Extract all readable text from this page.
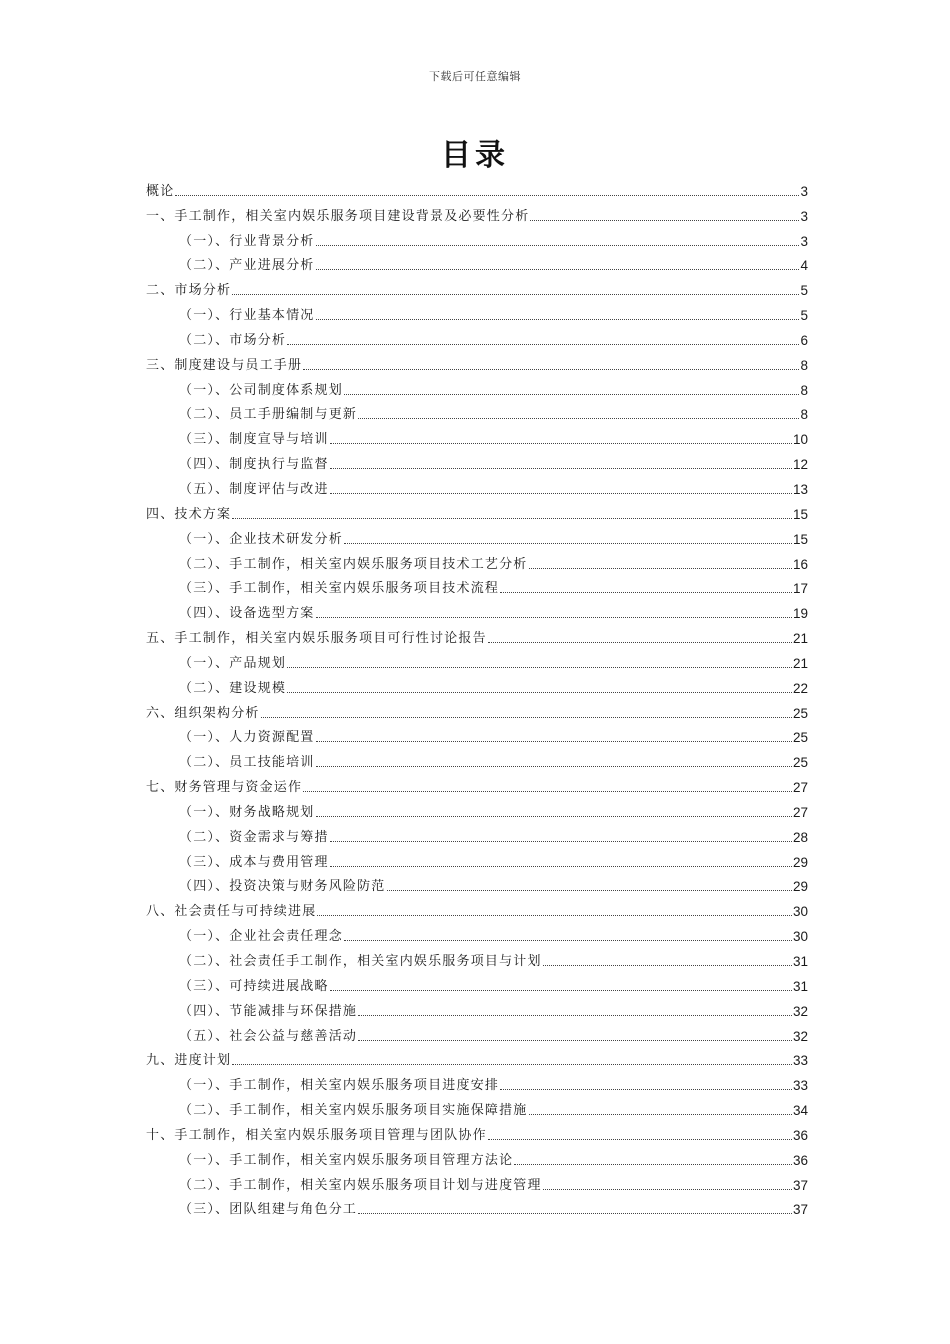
下载后可任意编辑
目录
概论	3
一、手工制作，相关室内娱乐服务项目建设背景及必要性分析	3
（一）、行业背景分析	3
（二）、产业进展分析	4
二、市场分析	5
（一）、行业基本情况	5
（二）、市场分析	6
三、制度建设与员工手册	8
（一）、公司制度体系规划	8
（二）、员工手册编制与更新	8
（三）、制度宣导与培训	10
（四）、制度执行与监督	12
（五）、制度评估与改进	13
四、技术方案	15
（一）、企业技术研发分析	15
（二）、手工制作，相关室内娱乐服务项目技术工艺分析	16
（三）、手工制作，相关室内娱乐服务项目技术流程	17
（四）、设备选型方案	19
五、手工制作，相关室内娱乐服务项目可行性讨论报告	21
（一）、产品规划	21
（二）、建设规模	22
六、组织架构分析	25
（一）、人力资源配置	25
（二）、员工技能培训	25
七、财务管理与资金运作	27
（一）、财务战略规划	27
（二）、资金需求与筹措	28
（三）、成本与费用管理	29
（四）、投资决策与财务风险防范	29
八、社会责任与可持续进展	30
（一）、企业社会责任理念	30
（二）、社会责任手工制作，相关室内娱乐服务项目与计划	31
（三）、可持续进展战略	31
（四）、节能减排与环保措施	32
（五）、社会公益与慈善活动	32
九、进度计划	33
（一）、手工制作，相关室内娱乐服务项目进度安排	33
（二）、手工制作，相关室内娱乐服务项目实施保障措施	34
十、手工制作，相关室内娱乐服务项目管理与团队协作	36
（一）、手工制作，相关室内娱乐服务项目管理方法论	36
（二）、手工制作，相关室内娱乐服务项目计划与进度管理	37
（三）、团队组建与角色分工	37
